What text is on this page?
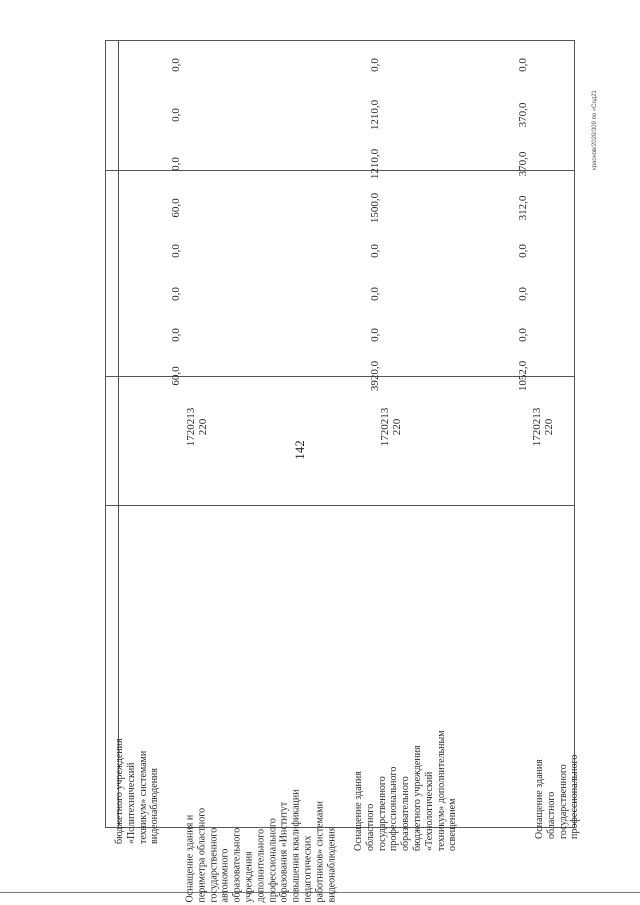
142
краснов/2020/309 по «Сод21
бюджетного учреждения
«Политехнический
техникум» системами
видеонаблюдения
Оснащение здания и
периметра областного
государственного
автономного
образовательного
учреждения
дополнительного
профессионального
образования «Институт
повышения квалификации
педагогических
работников» системами
видеонаблюдения
1720213
220
60,0
0,0
0,0
0,0
60,0
0,0
0,0
0,0
Оснащение здания
областного
государственного
профессионального
образовательного
бюджетного учреждения
«Технологический
техникум» дополнительным
освещением
1720213
220
3920,0
0,0
0,0
0,0
1500,0
1210,0
1210,0
0,0
Оснащение здания
областного
государственного
профессионального
1720213
220
1052,0
0,0
0,0
0,0
312,0
370,0
370,0
0,0
